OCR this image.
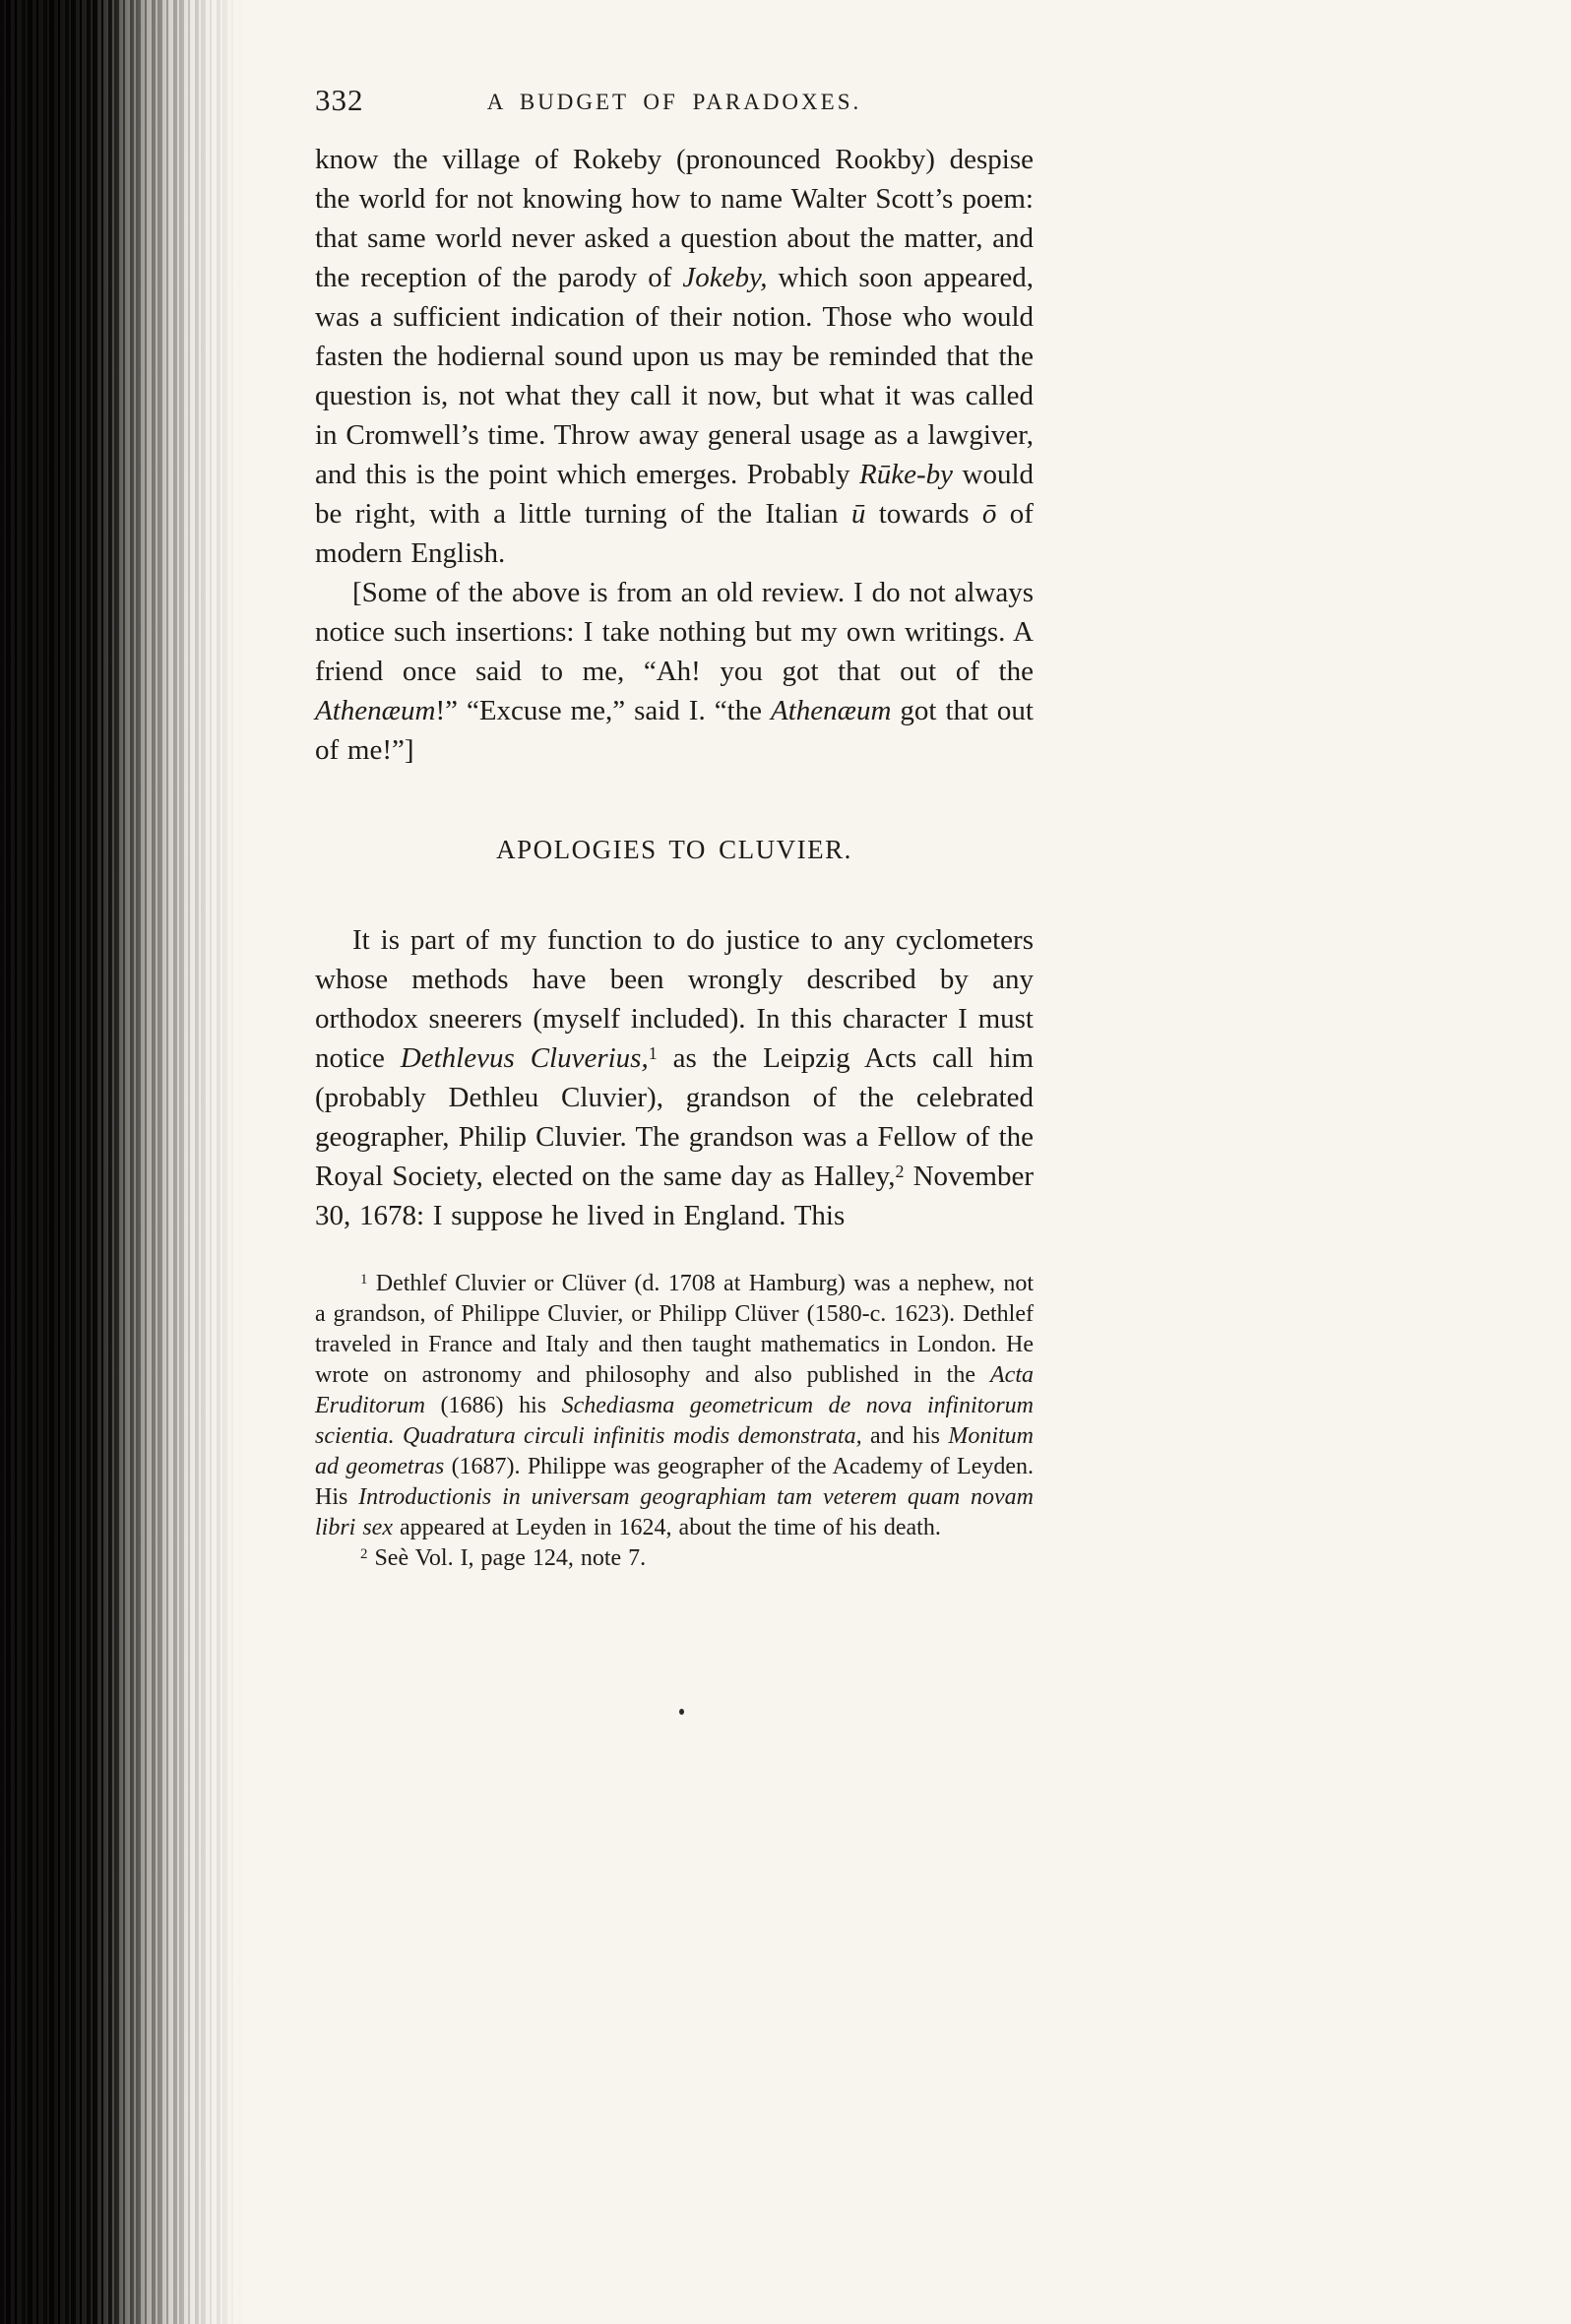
332	A BUDGET OF PARADOXES.

know the village of Rokeby (pronounced Rookby) despise the world for not knowing how to name Walter Scott’s poem: that same world never asked a question about the matter, and the reception of the parody of Jokeby, which soon appeared, was a sufficient indication of their notion. Those who would fasten the hodiernal sound upon us may be reminded that the question is, not what they call it now, but what it was called in Cromwell’s time. Throw away general usage as a lawgiver, and this is the point which emerges. Probably Rūke-by would be right, with a little turning of the Italian ū towards ō of modern English.

[Some of the above is from an old review. I do not always notice such insertions: I take nothing but my own writings. A friend once said to me, “Ah! you got that out of the Athenæum!” “Excuse me,” said I. “the Athenæum got that out of me!”]

APOLOGIES TO CLUVIER.

It is part of my function to do justice to any cyclometers whose methods have been wrongly described by any orthodox sneerers (myself included). In this character I must notice Dethlevus Cluverius,$^1$ as the Leipzig Acts call him (probably Dethleu Cluvier), grandson of the celebrated geographer, Philip Cluvier. The grandson was a Fellow of the Royal Society, elected on the same day as Halley,$^2$ November 30, 1678: I suppose he lived in England. This

$^1$ Dethlef Cluvier or Clüver (d. 1708 at Hamburg) was a nephew, not a grandson, of Philippe Cluvier, or Philipp Clüver (1580-c. 1623). Dethlef traveled in France and Italy and then taught mathematics in London. He wrote on astronomy and philosophy and also published in the Acta Eruditorum (1686) his Schediasma geometricum de nova infinitorum scientia. Quadratura circuli infinitis modis demonstrata, and his Monitum ad geometras (1687). Philippe was geographer of the Academy of Leyden. His Introductionis in universam geographiam tam veterem quam novam libri sex appeared at Leyden in 1624, about the time of his death.

$^2$ Seè Vol. I, page 124, note 7.
